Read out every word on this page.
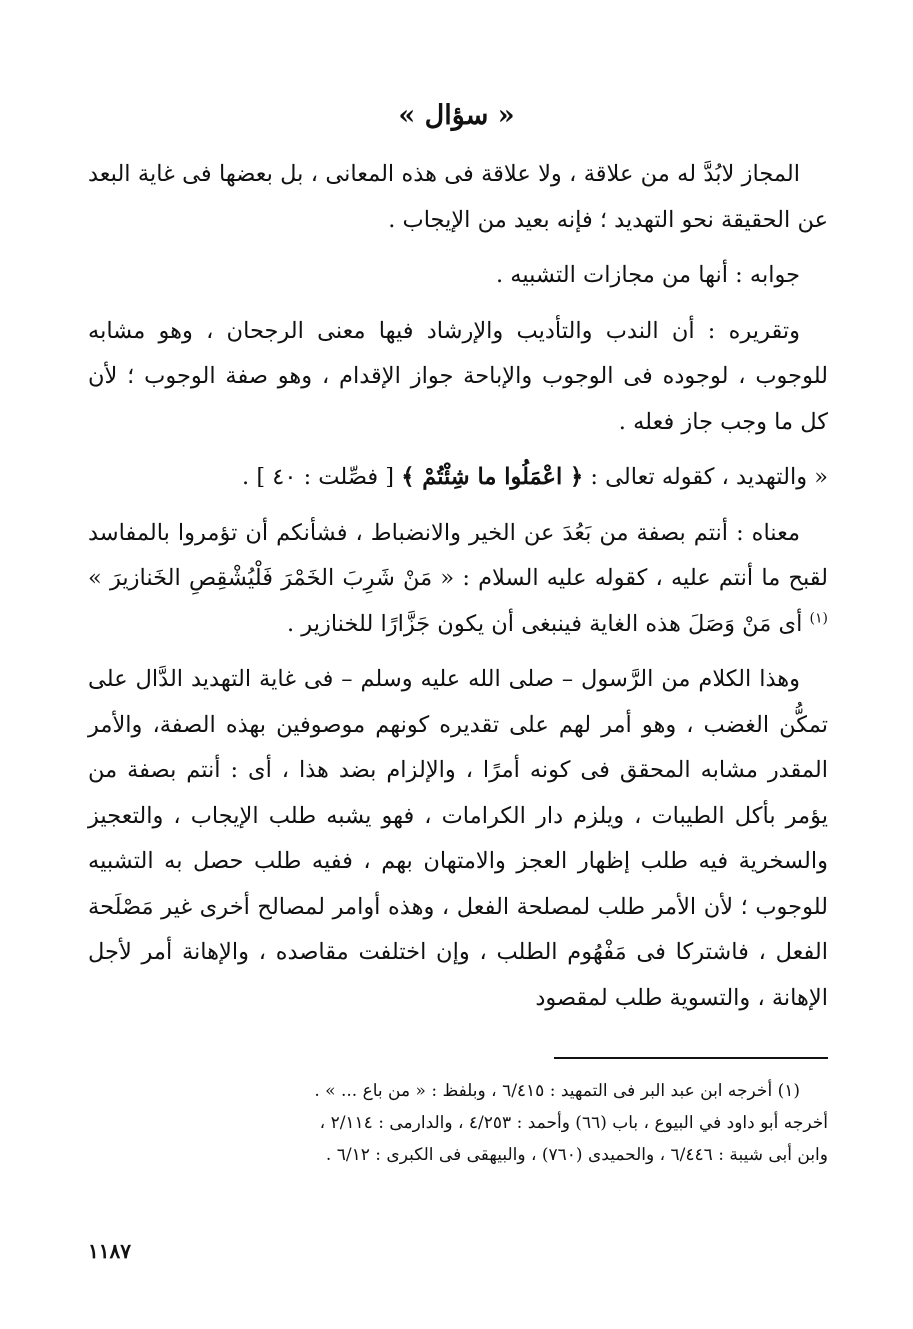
« سؤال »

المجاز لابُدَّ له من علاقة ، ولا علاقة فى هذه المعانى ، بل بعضها فى غاية البعد عن الحقيقة نحو التهديد ؛ فإنه بعيد من الإيجاب .

جوابه : أنها من مجازات التشبيه .

وتقريره : أن الندب والتأديب والإرشاد فيها معنى الرجحان ، وهو مشابه للوجوب ، لوجوده فى الوجوب والإباحة جواز الإقدام ، وهو صفة الوجوب ؛ لأن كل ما وجب جاز فعله .

« والتهديد ، كقوله تعالى : ﴿ اعْمَلُوا ما شِئْتُمْ ﴾ [ فصِّلت : ٤٠ ] .

معناه : أنتم بصفة من بَعُدَ عن الخير والانضباط ، فشأنكم أن تؤمروا بالمفاسد لقبح ما أنتم عليه ، كقوله عليه السلام : « مَنْ شَرِبَ الخَمْرَ فَلْيُشْقِصِ الخَنازيرَ » $^{(١)}$ أى مَنْ وَصَلَ هذه الغاية فينبغى أن يكون جَزَّارًا للخنازير .

وهذا الكلام من الرَّسول – صلى الله عليه وسلم – فى غاية التهديد الدَّال على تمكُّن الغضب ، وهو أمر لهم على تقديره كونهم موصوفين بهذه الصفة، والأمر المقدر مشابه المحقق فى كونه أمرًا ، والإلزام بضد هذا ، أى : أنتم بصفة من يؤمر بأكل الطيبات ، ويلزم دار الكرامات ، فهو يشبه طلب الإيجاب ، والتعجيز والسخرية فيه طلب إظهار العجز والامتهان بهم ، ففيه طلب حصل به التشبيه للوجوب ؛ لأن الأمر طلب لمصلحة الفعل ، وهذه أوامر لمصالح أخرى غير مَصْلَحة الفعل ، فاشتركا فى مَفْهُوم الطلب ، وإن اختلفت مقاصده ، والإهانة أمر لأجل الإهانة ، والتسوية طلب لمقصود

(١) أخرجه ابن عبد البر فى التمهيد : ٦/٤١٥ ، وبلفظ : « من باع ... » .

أخرجه أبو داود في البيوع ، باب (٦٦) وأحمد : ٤/٢٥٣ ، والدارمى : ٢/١١٤ ،

وابن أبى شيبة : ٦/٤٤٦ ، والحميدى (٧٦٠) ، والبيهقى فى الكبرى : ٦/١٢ .

١١٨٧
